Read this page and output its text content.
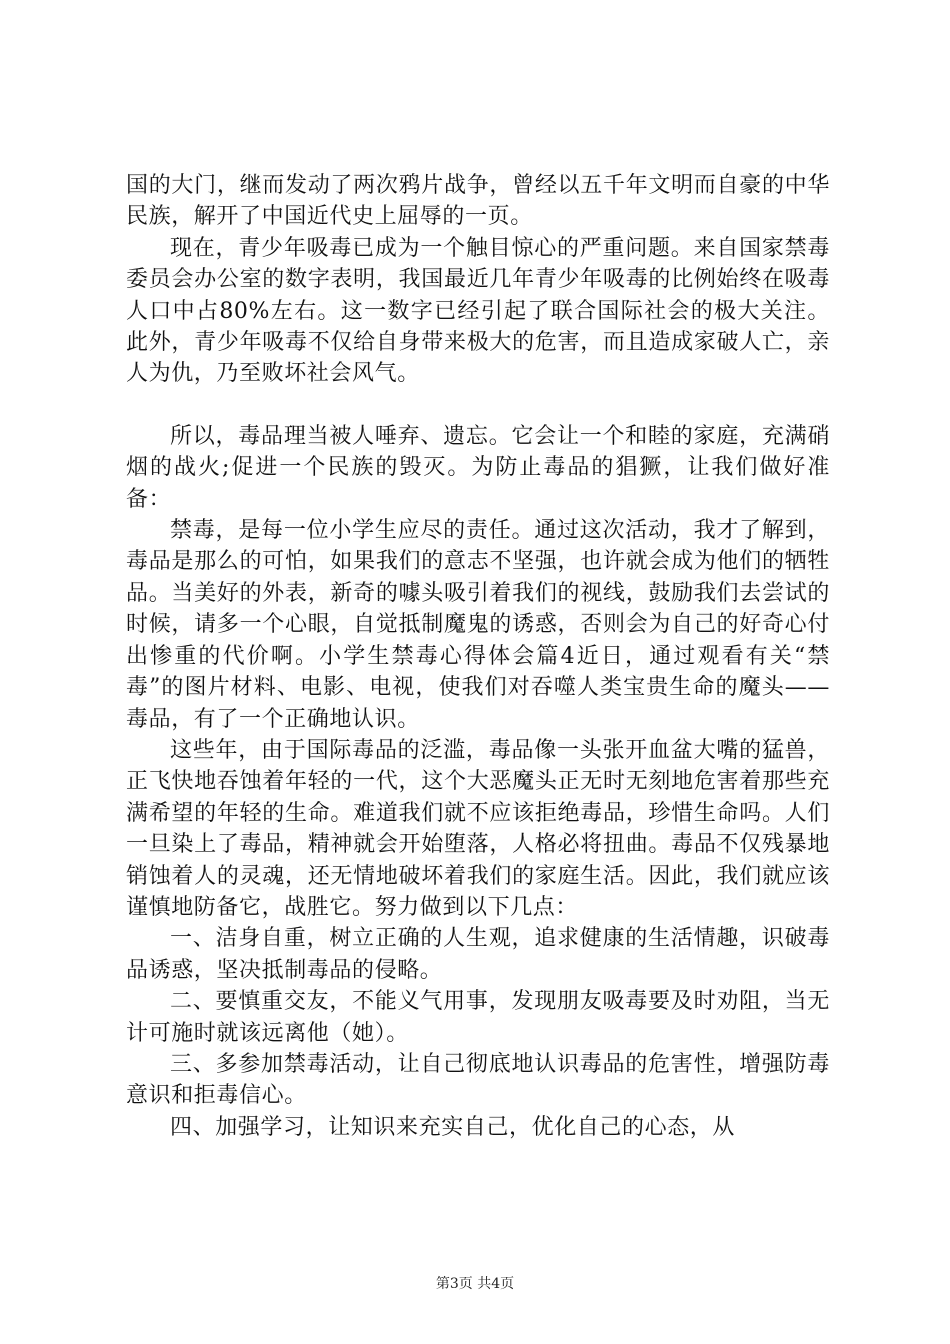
国的大门，继而发动了两次鸦片战争，曾经以五千年文明而自豪的中华民族，解开了中国近代史上屈辱的一页。

现在，青少年吸毒已成为一个触目惊心的严重问题。来自国家禁毒委员会办公室的数字表明，我国最近几年青少年吸毒的比例始终在吸毒人口中占80%左右。这一数字已经引起了联合国际社会的极大关注。此外，青少年吸毒不仅给自身带来极大的危害，而且造成家破人亡，亲人为仇，乃至败坏社会风气。

所以，毒品理当被人唾弃、遗忘。它会让一个和睦的家庭，充满硝烟的战火;促进一个民族的毁灭。为防止毒品的猖獗，让我们做好准备：

禁毒，是每一位小学生应尽的责任。通过这次活动，我才了解到，毒品是那么的可怕，如果我们的意志不坚强，也许就会成为他们的牺牲品。当美好的外表，新奇的噱头吸引着我们的视线，鼓励我们去尝试的时候，请多一个心眼，自觉抵制魔鬼的诱惑，否则会为自己的好奇心付出惨重的代价啊。小学生禁毒心得体会篇4近日，通过观看有关“禁毒”的图片材料、电影、电视，使我们对吞噬人类宝贵生命的魔头——毒品，有了一个正确地认识。

这些年，由于国际毒品的泛滥，毒品像一头张开血盆大嘴的猛兽，正飞快地吞蚀着年轻的一代，这个大恶魔头正无时无刻地危害着那些充满希望的年轻的生命。难道我们就不应该拒绝毒品，珍惜生命吗。人们一旦染上了毒品，精神就会开始堕落，人格必将扭曲。毒品不仅残暴地销蚀着人的灵魂，还无情地破坏着我们的家庭生活。因此，我们就应该谨慎地防备它，战胜它。努力做到以下几点：

一、洁身自重，树立正确的人生观，追求健康的生活情趣，识破毒品诱惑，坚决抵制毒品的侵略。

二、要慎重交友，不能义气用事，发现朋友吸毒要及时劝阻，当无计可施时就该远离他（她）。

三、多参加禁毒活动，让自己彻底地认识毒品的危害性，增强防毒意识和拒毒信心。

四、加强学习，让知识来充实自己，优化自己的心态，从

第3页 共4页
